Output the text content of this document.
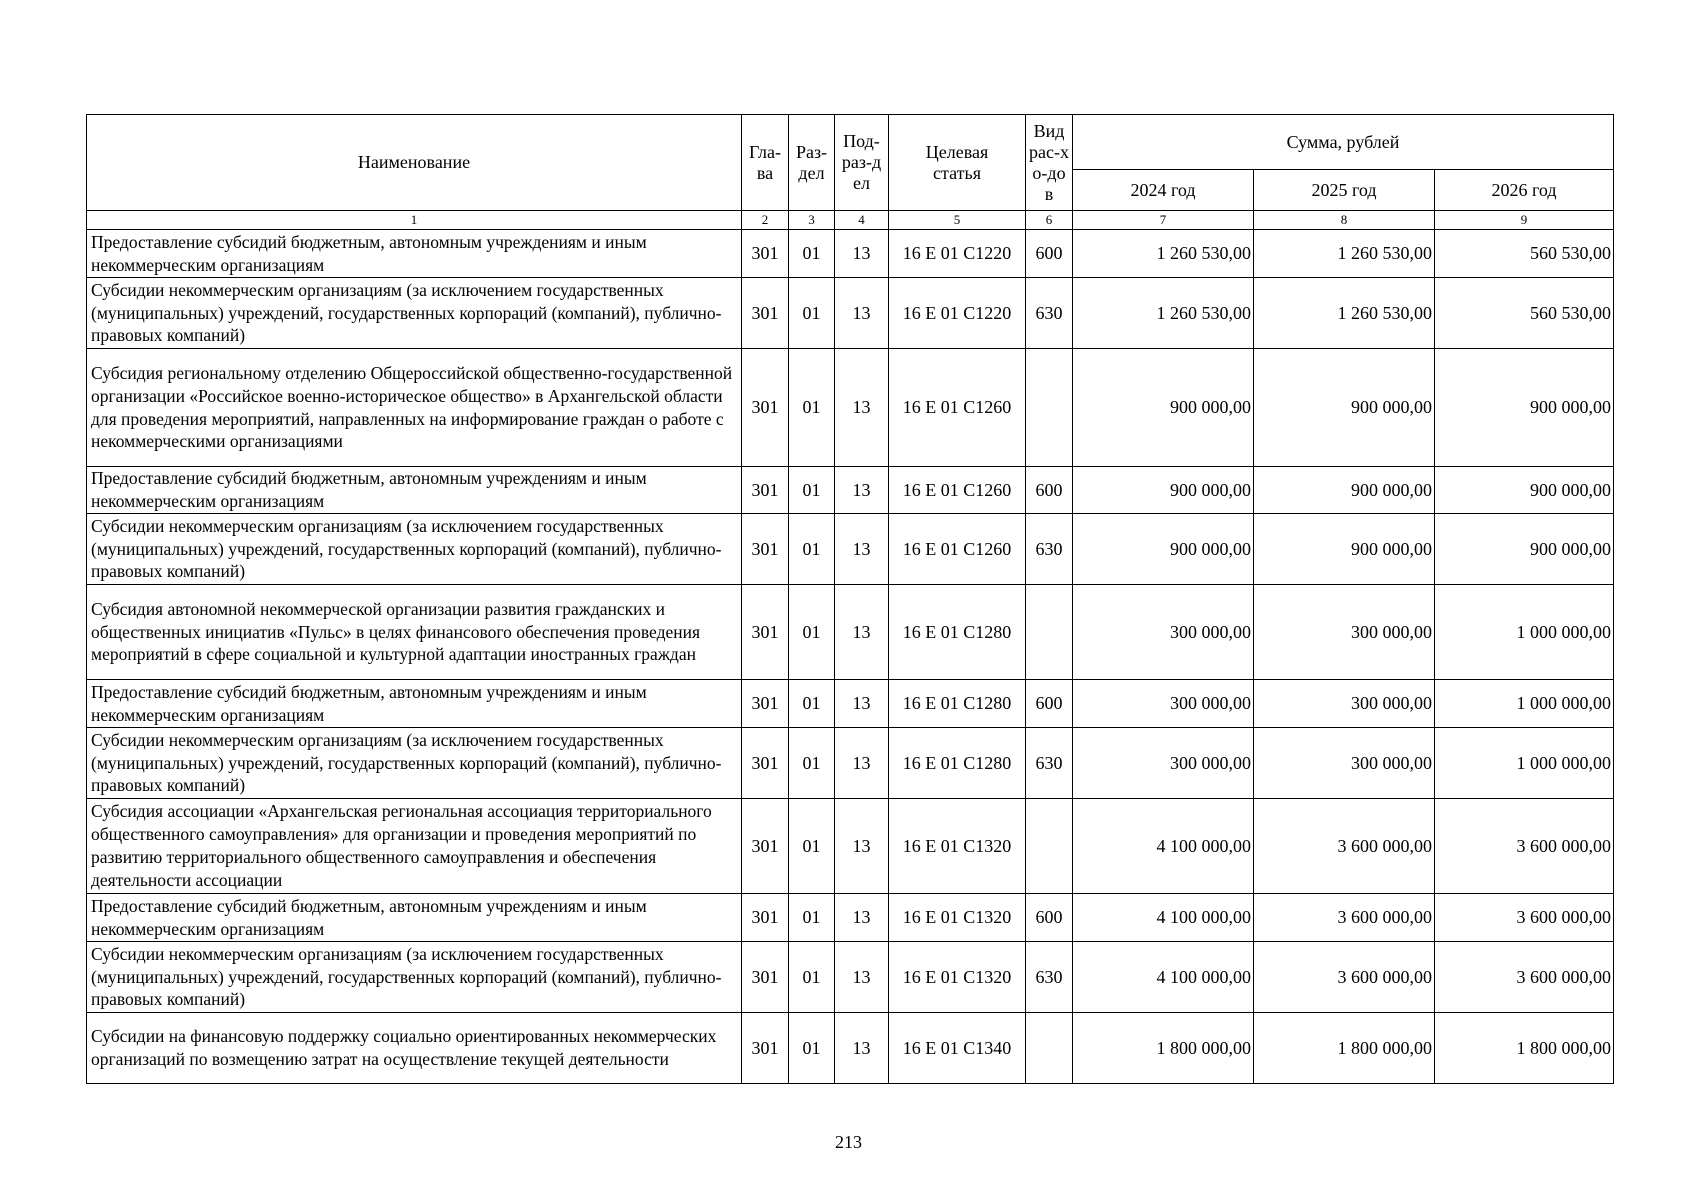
Наименование	Гла-ва	Раз-дел	Под-раз-дел	Целевая статья	Вид рас-хо-дов	Сумма, рублей		
						2024 год	2025 год	2026 год
1	2	3	4	5	6	7	8	9
Предоставление субсидий бюджетным, автономным учреждениям и иным некоммерческим организациям	301	01	13	16 Е 01 С1220	600	1 260 530,00	1 260 530,00	560 530,00
Субсидии некоммерческим организациям (за исключением государственных (муниципальных) учреждений, государственных корпораций (компаний), публично-правовых компаний)	301	01	13	16 Е 01 С1220	630	1 260 530,00	1 260 530,00	560 530,00
Субсидия региональному отделению Общероссийской общественно-государственной организации «Российское военно-историческое общество» в Архангельской области для проведения мероприятий, направленных на информирование граждан о работе с некоммерческими организациями	301	01	13	16 Е 01 С1260		900 000,00	900 000,00	900 000,00
Предоставление субсидий бюджетным, автономным учреждениям и иным некоммерческим организациям	301	01	13	16 Е 01 С1260	600	900 000,00	900 000,00	900 000,00
Субсидии некоммерческим организациям (за исключением государственных (муниципальных) учреждений, государственных корпораций (компаний), публично-правовых компаний)	301	01	13	16 Е 01 С1260	630	900 000,00	900 000,00	900 000,00
Субсидия автономной некоммерческой организации развития гражданских и общественных инициатив «Пульс» в целях финансового обеспечения проведения мероприятий в сфере социальной и культурной адаптации иностранных граждан	301	01	13	16 Е 01 С1280		300 000,00	300 000,00	1 000 000,00
Предоставление субсидий бюджетным, автономным учреждениям и иным некоммерческим организациям	301	01	13	16 Е 01 С1280	600	300 000,00	300 000,00	1 000 000,00
Субсидии некоммерческим организациям (за исключением государственных (муниципальных) учреждений, государственных корпораций (компаний), публично-правовых компаний)	301	01	13	16 Е 01 С1280	630	300 000,00	300 000,00	1 000 000,00
Субсидия ассоциации «Архангельская региональная ассоциация территориального общественного самоуправления» для организации и проведения мероприятий по развитию территориального общественного самоуправления и обеспечения деятельности ассоциации	301	01	13	16 Е 01 С1320		4 100 000,00	3 600 000,00	3 600 000,00
Предоставление субсидий бюджетным, автономным учреждениям и иным некоммерческим организациям	301	01	13	16 Е 01 С1320	600	4 100 000,00	3 600 000,00	3 600 000,00
Субсидии некоммерческим организациям (за исключением государственных (муниципальных) учреждений, государственных корпораций (компаний), публично-правовых компаний)	301	01	13	16 Е 01 С1320	630	4 100 000,00	3 600 000,00	3 600 000,00
Субсидии на финансовую поддержку социально ориентированных некоммерческих организаций по возмещению затрат на осуществление текущей деятельности	301	01	13	16 Е 01 С1340		1 800 000,00	1 800 000,00	1 800 000,00
213
